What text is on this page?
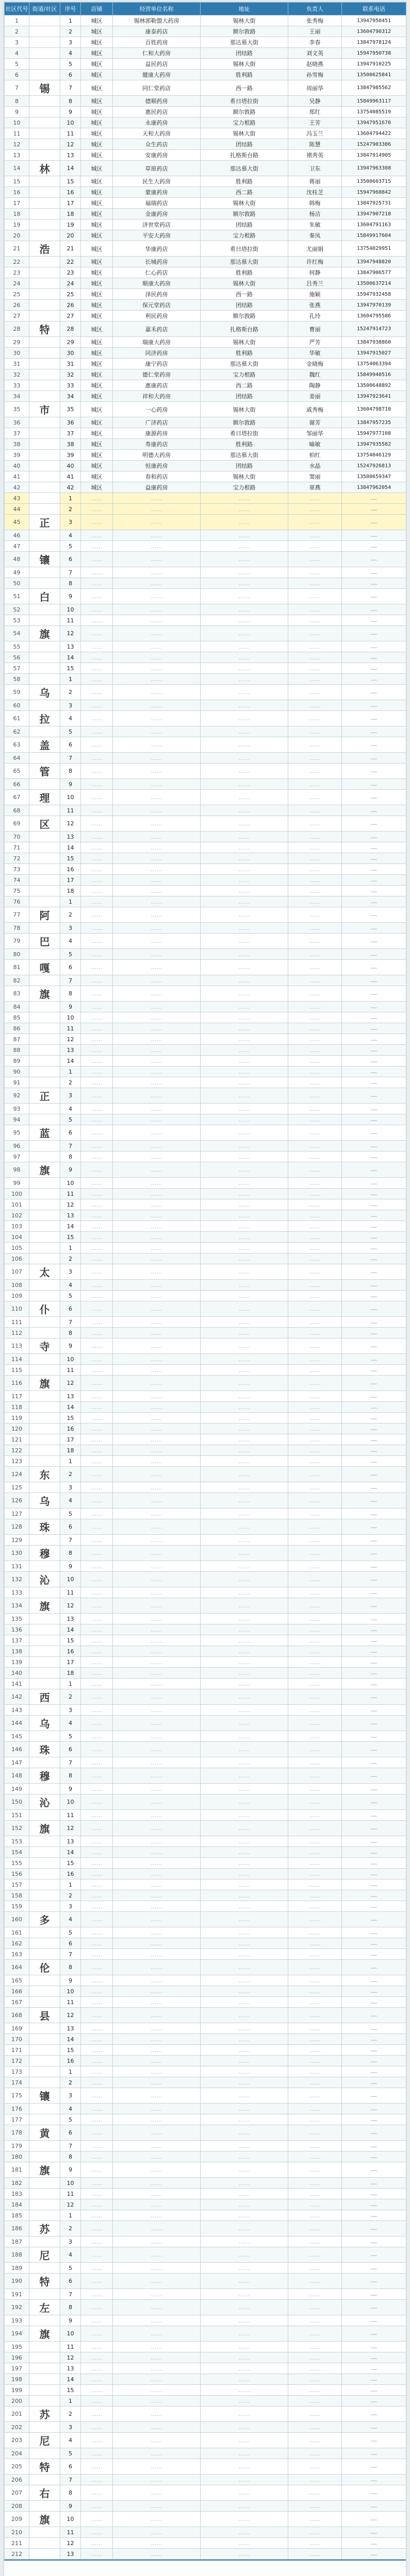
社区代号	街道/社区	序号	店铺	经营单位名称	地址	负责人	联系电话
1		1	城区	锡林郭勒盟大药房	锡林大街	张秀梅	13947950451
2		2	城区	康泰药店	额尔敦路	王丽	13604790312
3		3	城区	百姓药房	那达慕大街	李春	13847978124
4		4	城区	仁和大药房	团结路	刘文英	15947950738
5		5	城区	益民药店	锡林大街	赵晓燕	13947910225
6		6	城区	健康大药房	胜利路	孙雪梅	13500625841
7	锡	7	城区	同仁堂药店	西一路	周丽华	13847985562
8		8	城区	德顺药房	希日塔拉街	吴静	15849963117
9		9	城区	惠民药店	额尔敦路	郑红	13754085519
10		10	城区	永康药房	宝力根路	王芳	13947951670
11		11	城区	天和大药房	锡林大街	冯玉兰	13604794422
12		12	城区	众生药店	团结路	陈慧	15247903386
13		13	城区	安康药房	扎格斯台路	褚秀英	13847914905
14	林	14	城区	草原药店	那达慕大街	卫东	13947963308
15		15	城区	民生大药房	胜利路	蒋丽	13500603715
16		16	城区	蒙康药房	西二路	沈桂芝	15947960842
17		17	城区	福瑞药店	锡林大街	韩梅	13847925731
18		18	城区	金康药房	额尔敦路	杨洁	13947907218
19		19	城区	济世堂药店	团结路	朱敏	13604791163
20		20	城区	平安大药房	宝力根路	秦凤	15849917604
21	浩	21	城区	华康药店	希日塔拉街	尤丽娟	13754029951
22		22	城区	长城药房	那达慕大街	许红梅	13947948820
23		23	城区	仁心药店	胜利路	何静	13847906577
24		24	城区	顺康大药房	锡林大街	吕秀兰	13500637214
25		25	城区	泽民药房	西一路	施颖	15947932458
26		26	城区	保元堂药店	团结路	张燕	13947970139
27		27	城区	利民药房	额尔敦路	孔玲	13604795586
28	特	28	城区	嘉禾药店	扎格斯台路	曹丽	15247914723
29		29	城区	瑞康大药房	锡林大街	严芳	13847938860
30		30	城区	同济药房	胜利路	华敏	13947915027
31		31	城区	康宁药店	那达慕大街	金晓梅	13754063394
32		32	城区	德仁堂药房	宝力根路	魏红	15849940516
33		33	城区	惠康药店	西二路	陶静	13500648892
34		34	城区	祥和大药房	团结路	姜丽	13947923641
35	市	35	城区	一心药房	锡林大街	戚秀梅	13604798710
36		36	城区	广济药店	额尔敦路	谢芳	13847957235
37		37	城区	康源药房	希日塔拉街	邹丽华	15947977108
38		38	城区	寿康药店	胜利路	喻敏	13947935582
39		39	城区	明德大药房	那达慕大街	柏红	13754046129
40		40	城区	恒康药房	团结路	水晶	15247926813
41		41	城区	春和药店	锡林大街	窦丽	13500659347
42		42	城区	益康药房	宝力根路	章燕	13847962054
43		1	……	……	……	……	……
44		2	……	……	……	……	……
45	正	3	……	……	……	……	……
46		4	……	……	……	……	……
47		5	……	……	……	……	……
48	镶	6	……	……	……	……	……
49		7	……	……	……	……	……
50		8	……	……	……	……	……
51	白	9	……	……	……	……	……
52		10	……	……	……	……	……
53		11	……	……	……	……	……
54	旗	12	……	……	……	……	……
55		13	……	……	……	……	……
56		14	……	……	……	……	……
57		15	……	……	……	……	……
58		1	……	……	……	……	……
59	乌	2	……	……	……	……	……
60		3	……	……	……	……	……
61	拉	4	……	……	……	……	……
62		5	……	……	……	……	……
63	盖	6	……	……	……	……	……
64		7	……	……	……	……	……
65	管	8	……	……	……	……	……
66		9	……	……	……	……	……
67	理	10	……	……	……	……	……
68		11	……	……	……	……	……
69	区	12	……	……	……	……	……
70		13	……	……	……	……	……
71		14	……	……	……	……	……
72		15	……	……	……	……	……
73		16	……	……	……	……	……
74		17	……	……	……	……	……
75		18	……	……	……	……	……
76		1	……	……	……	……	……
77	阿	2	……	……	……	……	……
78		3	……	……	……	……	……
79	巴	4	……	……	……	……	……
80		5	……	……	……	……	……
81	嘎	6	……	……	……	……	……
82		7	……	……	……	……	……
83	旗	8	……	……	……	……	……
84		9	……	……	……	……	……
85		10	……	……	……	……	……
86		11	……	……	……	……	……
87		12	……	……	……	……	……
88		13	……	……	……	……	……
89		14	……	……	……	……	……
90		1	……	……	……	……	……
91		2	……	……	……	……	……
92	正	3	……	……	……	……	……
93		4	……	……	……	……	……
94		5	……	……	……	……	……
95	蓝	6	……	……	……	……	……
96		7	……	……	……	……	……
97		8	……	……	……	……	……
98	旗	9	……	……	……	……	……
99		10	……	……	……	……	……
100		11	……	……	……	……	……
101		12	……	……	……	……	……
102		13	……	……	……	……	……
103		14	……	……	……	……	……
104		15	……	……	……	……	……
105		1	……	……	……	……	……
106		2	……	……	……	……	……
107	太	3	……	……	……	……	……
108		4	……	……	……	……	……
109		5	……	……	……	……	……
110	仆	6	……	……	……	……	……
111		7	……	……	……	……	……
112		8	……	……	……	……	……
113	寺	9	……	……	……	……	……
114		10	……	……	……	……	……
115		11	……	……	……	……	……
116	旗	12	……	……	……	……	……
117		13	……	……	……	……	……
118		14	……	……	……	……	……
119		15	……	……	……	……	……
120		16	……	……	……	……	……
121		17	……	……	……	……	……
122		18	……	……	……	……	……
123		1	……	……	……	……	……
124	东	2	……	……	……	……	……
125		3	……	……	……	……	……
126	乌	4	……	……	……	……	……
127		5	……	……	……	……	……
128	珠	6	……	……	……	……	……
129		7	……	……	……	……	……
130	穆	8	……	……	……	……	……
131		9	……	……	……	……	……
132	沁	10	……	……	……	……	……
133		11	……	……	……	……	……
134	旗	12	……	……	……	……	……
135		13	……	……	……	……	……
136		14	……	……	……	……	……
137		15	……	……	……	……	……
138		16	……	……	……	……	……
139		17	……	……	……	……	……
140		18	……	……	……	……	……
141		1	……	……	……	……	……
142	西	2	……	……	……	……	……
143		3	……	……	……	……	……
144	乌	4	……	……	……	……	……
145		5	……	……	……	……	……
146	珠	6	……	……	……	……	……
147		7	……	……	……	……	……
148	穆	8	……	……	……	……	……
149		9	……	……	……	……	……
150	沁	10	……	……	……	……	……
151		11	……	……	……	……	……
152	旗	12	……	……	……	……	……
153		13	……	……	……	……	……
154		14	……	……	……	……	……
155		15	……	……	……	……	……
156		16	……	……	……	……	……
157		1	……	……	……	……	……
158		2	……	……	……	……	……
159		3	……	……	……	……	……
160	多	4	……	……	……	……	……
161		5	……	……	……	……	……
162		6	……	……	……	……	……
163		7	……	……	……	……	……
164	伦	8	……	……	……	……	……
165		9	……	……	……	……	……
166		10	……	……	……	……	……
167		11	……	……	……	……	……
168	县	12	……	……	……	……	……
169		13	……	……	……	……	……
170		14	……	……	……	……	……
171		15	……	……	……	……	……
172		16	……	……	……	……	……
173		1	……	……	……	……	……
174		2	……	……	……	……	……
175	镶	3	……	……	……	……	……
176		4	……	……	……	……	……
177		5	……	……	……	……	……
178	黄	6	……	……	……	……	……
179		7	……	……	……	……	……
180		8	……	……	……	……	……
181	旗	9	……	……	……	……	……
182		10	……	……	……	……	……
183		11	……	……	……	……	……
184		12	……	……	……	……	……
185		1	……	……	……	……	……
186	苏	2	……	……	……	……	……
187		3	……	……	……	……	……
188	尼	4	……	……	……	……	……
189		5	……	……	……	……	……
190	特	6	……	……	……	……	……
191		7	……	……	……	……	……
192	左	8	……	……	……	……	……
193		9	……	……	……	……	……
194	旗	10	……	……	……	……	……
195		11	……	……	……	……	……
196		12	……	……	……	……	……
197		13	……	……	……	……	……
198		14	……	……	……	……	……
199		15	……	……	……	……	……
200		1	……	……	……	……	……
201	苏	2	……	……	……	……	……
202		3	……	……	……	……	……
203	尼	4	……	……	……	……	……
204		5	……	……	……	……	……
205	特	6	……	……	……	……	……
206		7	……	……	……	……	……
207	右	8	……	……	……	……	……
208		9	……	……	……	……	……
209	旗	10	……	……	……	……	……
210		11	……	……	……	……	……
211		12	……	……	……	……	……
212		13	……	……	……	……	……
